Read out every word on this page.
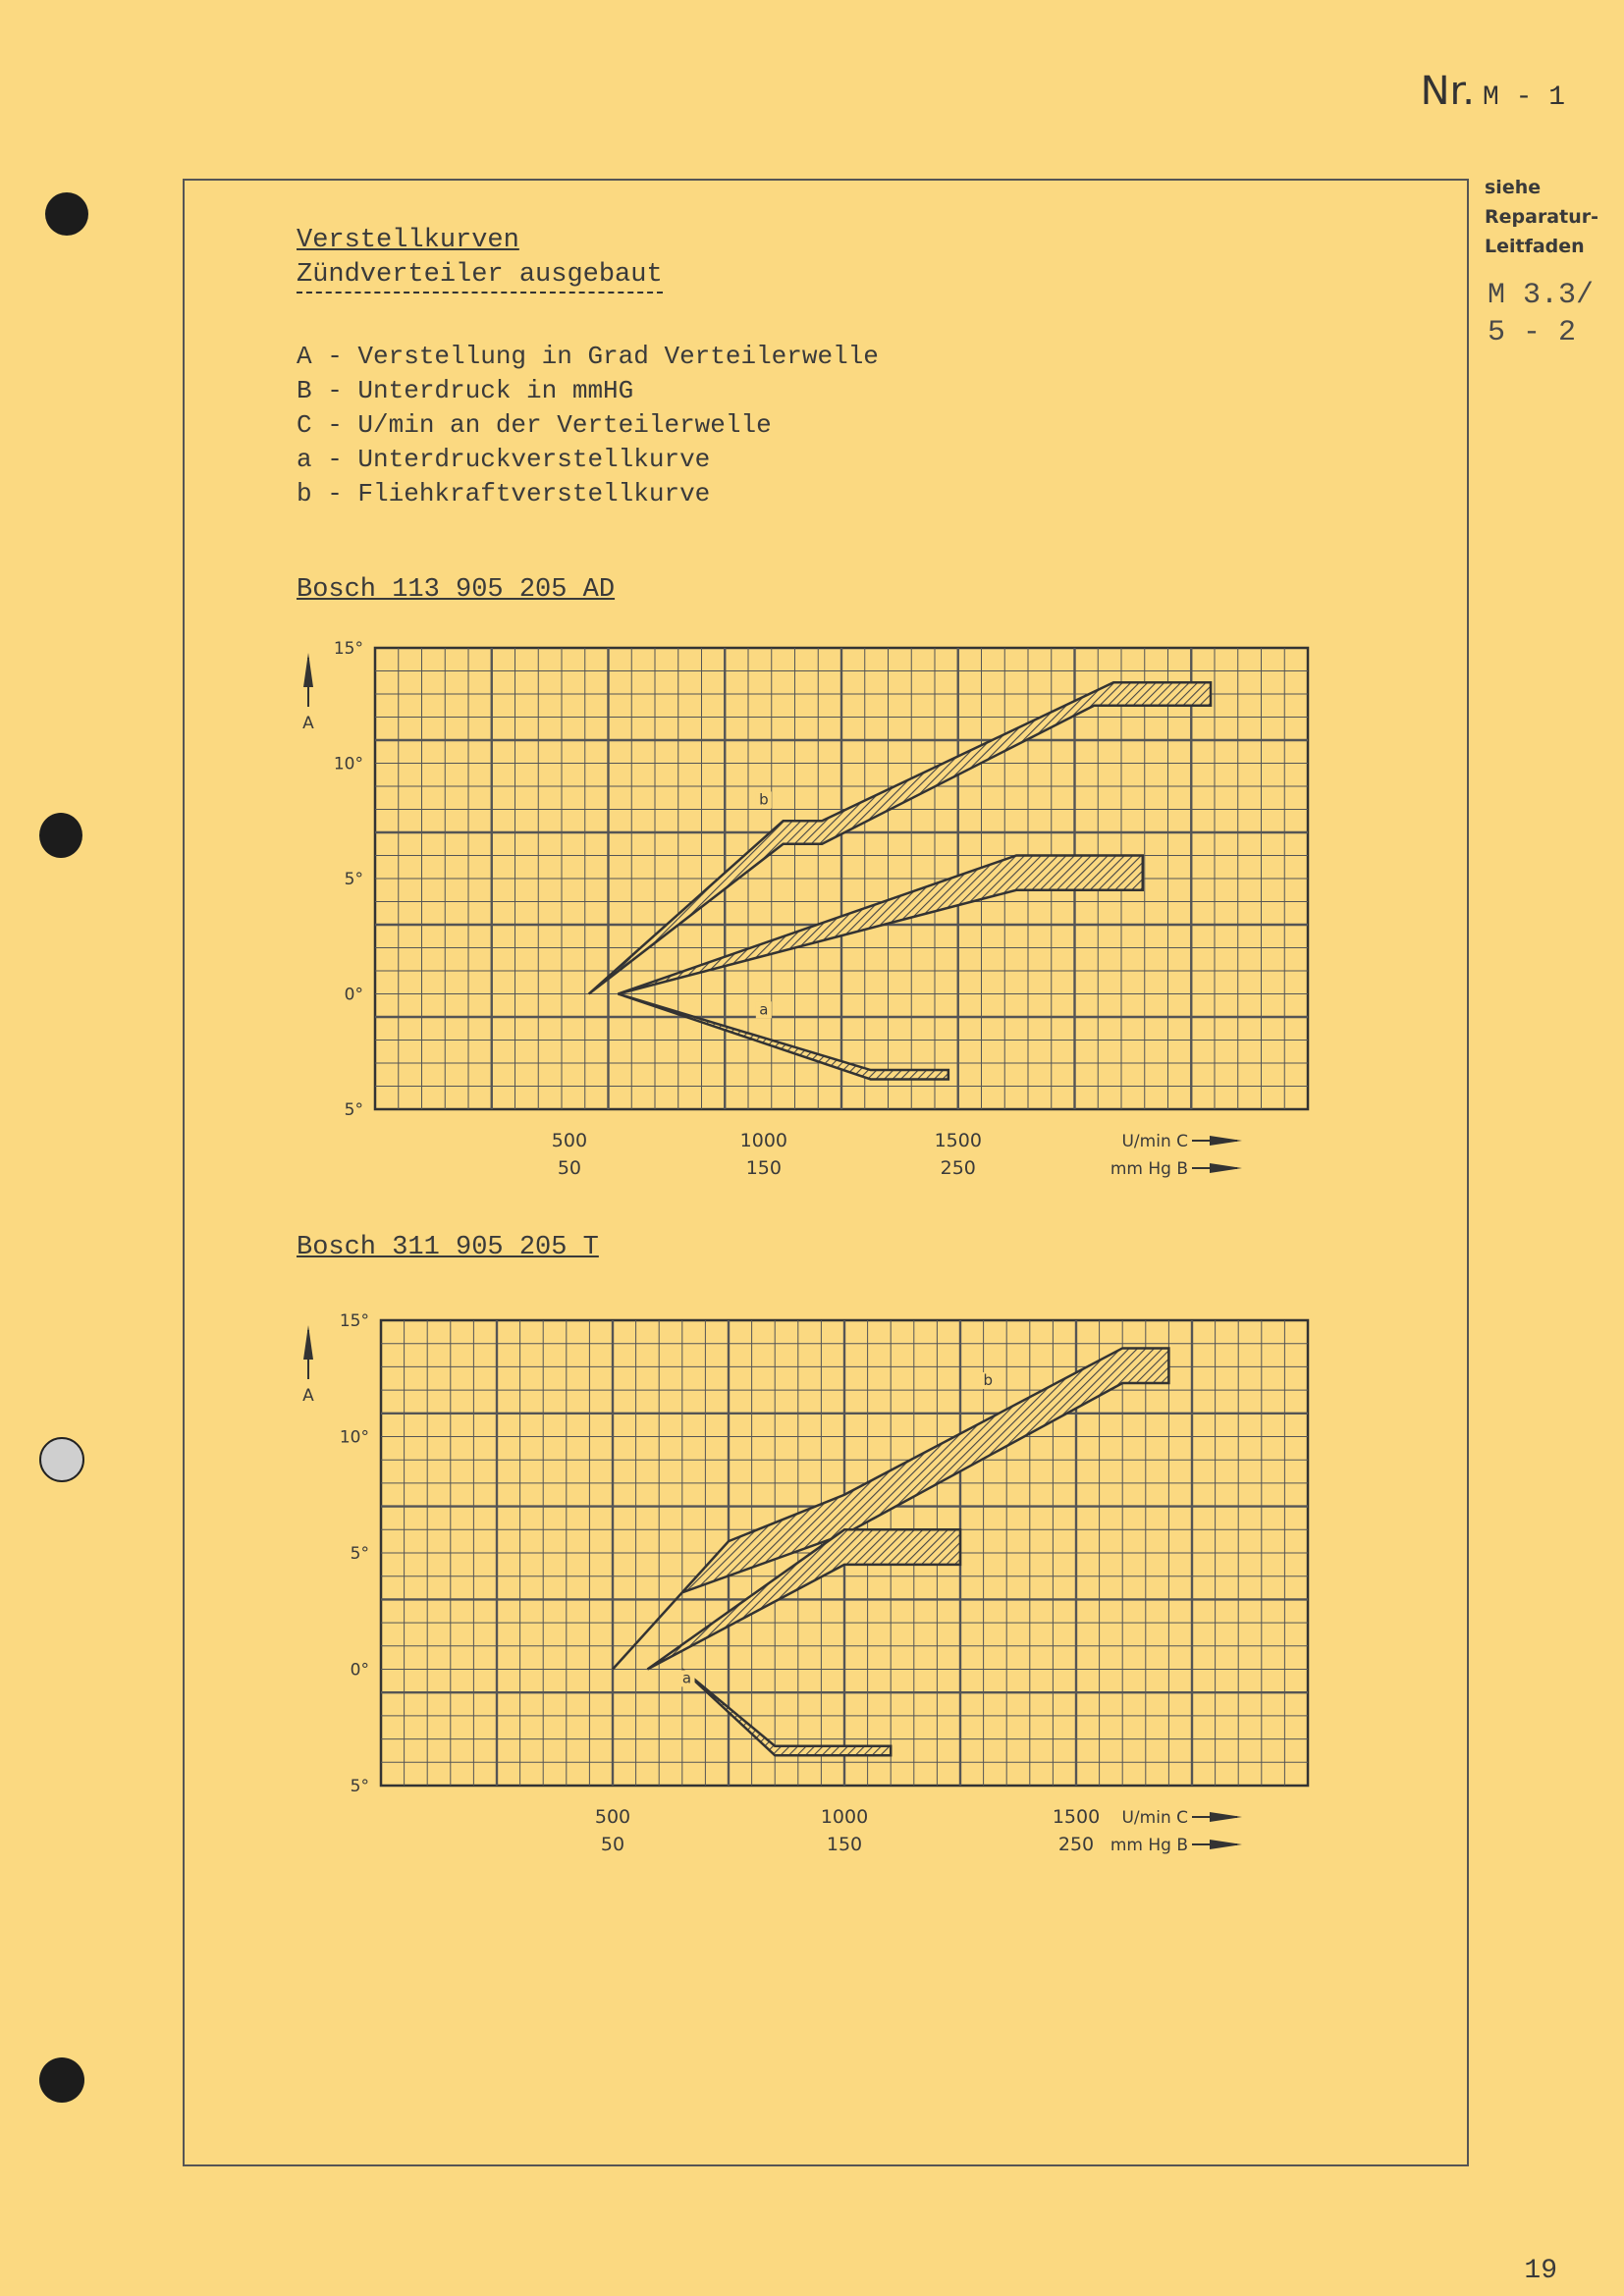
Nr. M - 1
siehe
Reparatur-
Leitfaden
M 3.3/
5 - 2
Verstellkurven
Zündverteiler ausgebaut
A - Verstellung in Grad Verteilerwelle
B - Unterdruck in mmHG
C - U/min an der Verteilerwelle
a - Unterdruckverstellkurve
b - Fliehkraftverstellkurve
Bosch 113 905 205 AD
b
a
15°
10°
5°
0°
5°
A
500
50
1000
150
1500
250
U/min C
mm Hg B
Bosch 311 905 205 T
b
a
15°
10°
5°
0°
5°
A
500
50
1000
150
1500
250
U/min C
mm Hg B
19
